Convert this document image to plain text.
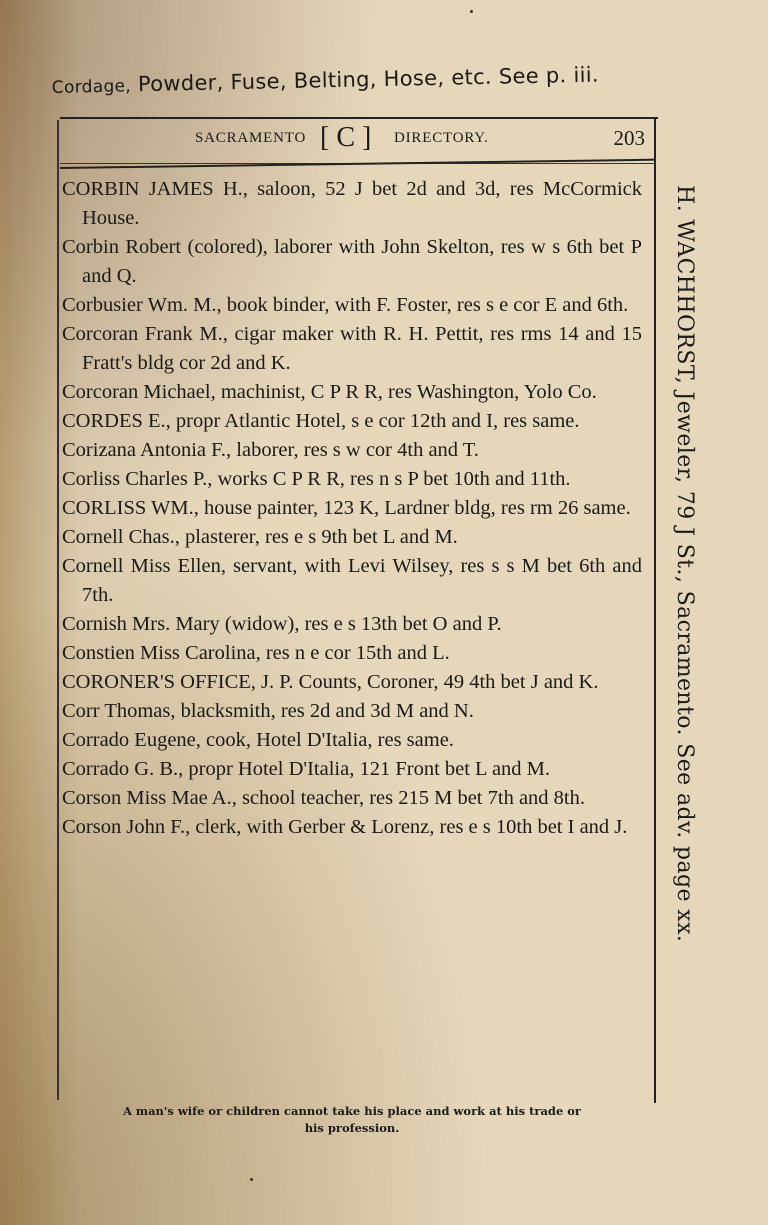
Cordage, Powder, Fuse, Belting, Hose, etc. See p. iii.
SACRAMENTO [ C ] DIRECTORY.	203
CORBIN JAMES H., saloon, 52 J bet 2d and 3d, res McCormick House.
Corbin Robert (colored), laborer with John Skelton, res w s 6th bet P and Q.
Corbusier Wm. M., book binder, with F. Foster, res s e cor E and 6th.
Corcoran Frank M., cigar maker with R. H. Pettit, res rms 14 and 15 Fratt's bldg cor 2d and K.
Corcoran Michael, machinist, C P R R, res Washington, Yolo Co.
CORDES E., propr Atlantic Hotel, s e cor 12th and I, res same.
Corizana Antonia F., laborer, res s w cor 4th and T.
Corliss Charles P., works C P R R, res n s P bet 10th and 11th.
CORLISS WM., house painter, 123 K, Lardner bldg, res rm 26 same.
Cornell Chas., plasterer, res e s 9th bet L and M.
Cornell Miss Ellen, servant, with Levi Wilsey, res s s M bet 6th and 7th.
Cornish Mrs. Mary (widow), res e s 13th bet O and P.
Constien Miss Carolina, res n e cor 15th and L.
CORONER'S OFFICE, J. P. Counts, Coroner, 49 4th bet J and K.
Corr Thomas, blacksmith, res 2d and 3d M and N.
Corrado Eugene, cook, Hotel D'Italia, res same.
Corrado G. B., propr Hotel D'Italia, 121 Front bet L and M.
Corson Miss Mae A., school teacher, res 215 M bet 7th and 8th.
Corson John F., clerk, with Gerber & Lorenz, res e s 10th bet I and J.	H. WACHHORST, Jeweler, 79 J St., Sacramento. See adv. page xx.
A man's wife or children cannot take his place and work at his trade or
his profession.
